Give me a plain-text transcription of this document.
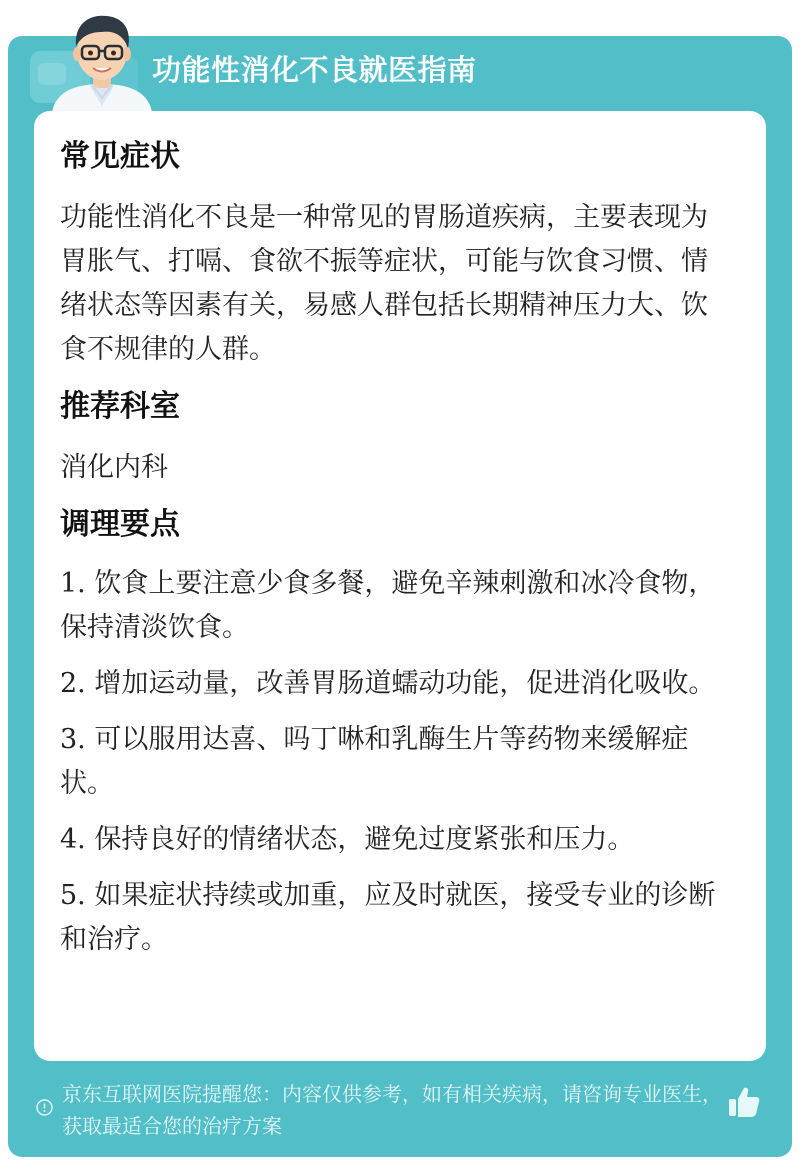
功能性消化不良就医指南
常见症状

功能性消化不良是一种常见的胃肠道疾病，主要表现为胃胀气、打嗝、食欲不振等症状，可能与饮食习惯、情绪状态等因素有关，易感人群包括长期精神压力大、饮食不规律的人群。

推荐科室

消化内科

调理要点

1. 饮食上要注意少食多餐，避免辛辣刺激和冰冷食物，保持清淡饮食。

2. 增加运动量，改善胃肠道蠕动功能，促进消化吸收。

3. 可以服用达喜、吗丁啉和乳酶生片等药物来缓解症状。

4. 保持良好的情绪状态，避免过度紧张和压力。

5. 如果症状持续或加重，应及时就医，接受专业的诊断和治疗。

京东互联网医院提醒您：内容仅供参考，如有相关疾病，请咨询专业医生，获取最适合您的治疗方案
